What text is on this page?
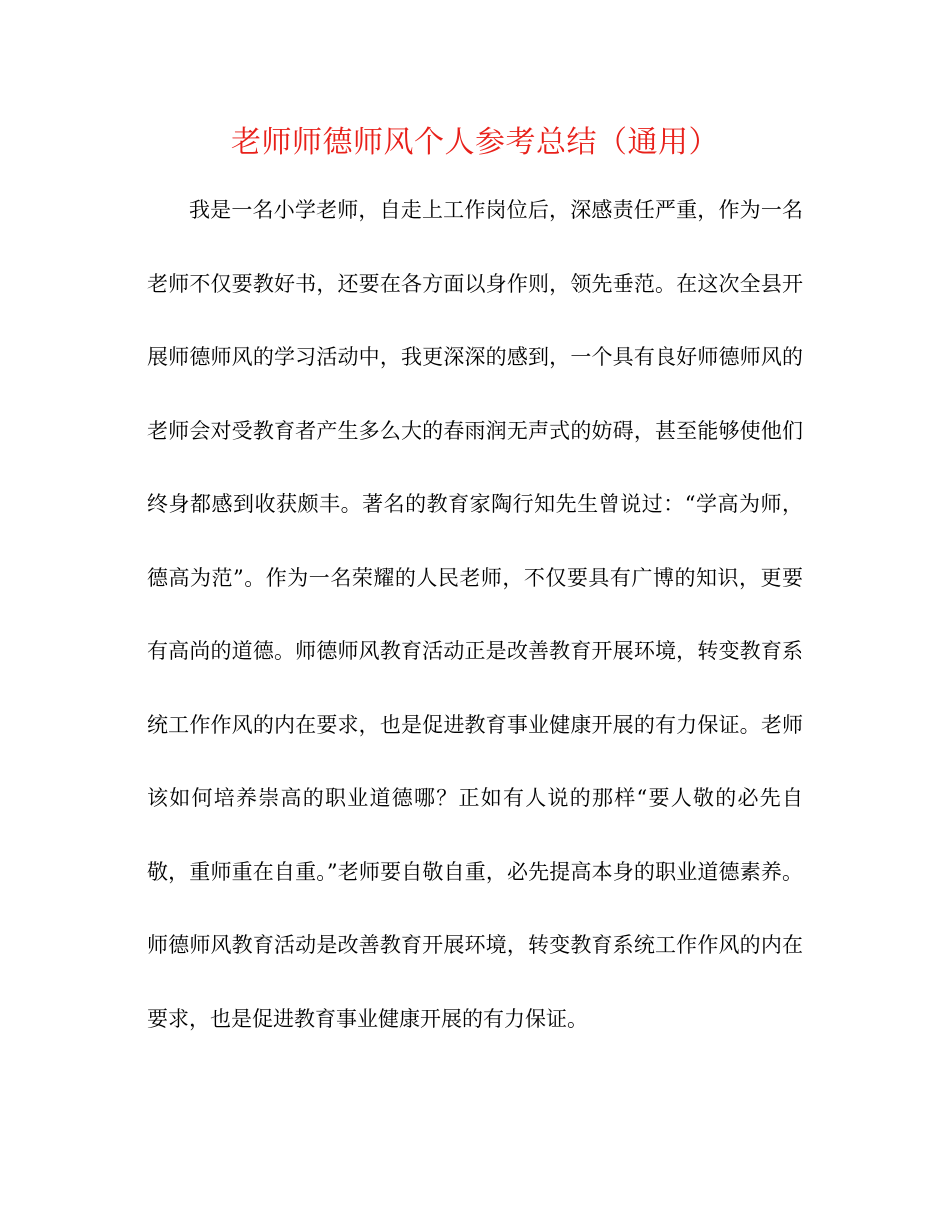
老师师德师风个人参考总结（通用）

我是一名小学老师，自走上工作岗位后，深感责任严重，作为一名老师不仅要教好书，还要在各方面以身作则，领先垂范。在这次全县开展师德师风的学习活动中，我更深深的感到，一个具有良好师德师风的老师会对受教育者产生多么大的春雨润无声式的妨碍，甚至能够使他们终身都感到收获颇丰。著名的教育家陶行知先生曾说过：“学高为师，德高为范”。作为一名荣耀的人民老师，不仅要具有广博的知识，更要有高尚的道德。师德师风教育活动正是改善教育开展环境，转变教育系统工作作风的内在要求，也是促进教育事业健康开展的有力保证。老师该如何培养崇高的职业道德哪？正如有人说的那样“要人敬的必先自敬，重师重在自重。”老师要自敬自重，必先提高本身的职业道德素养。师德师风教育活动是改善教育开展环境，转变教育系统工作作风的内在要求，也是促进教育事业健康开展的有力保证。
